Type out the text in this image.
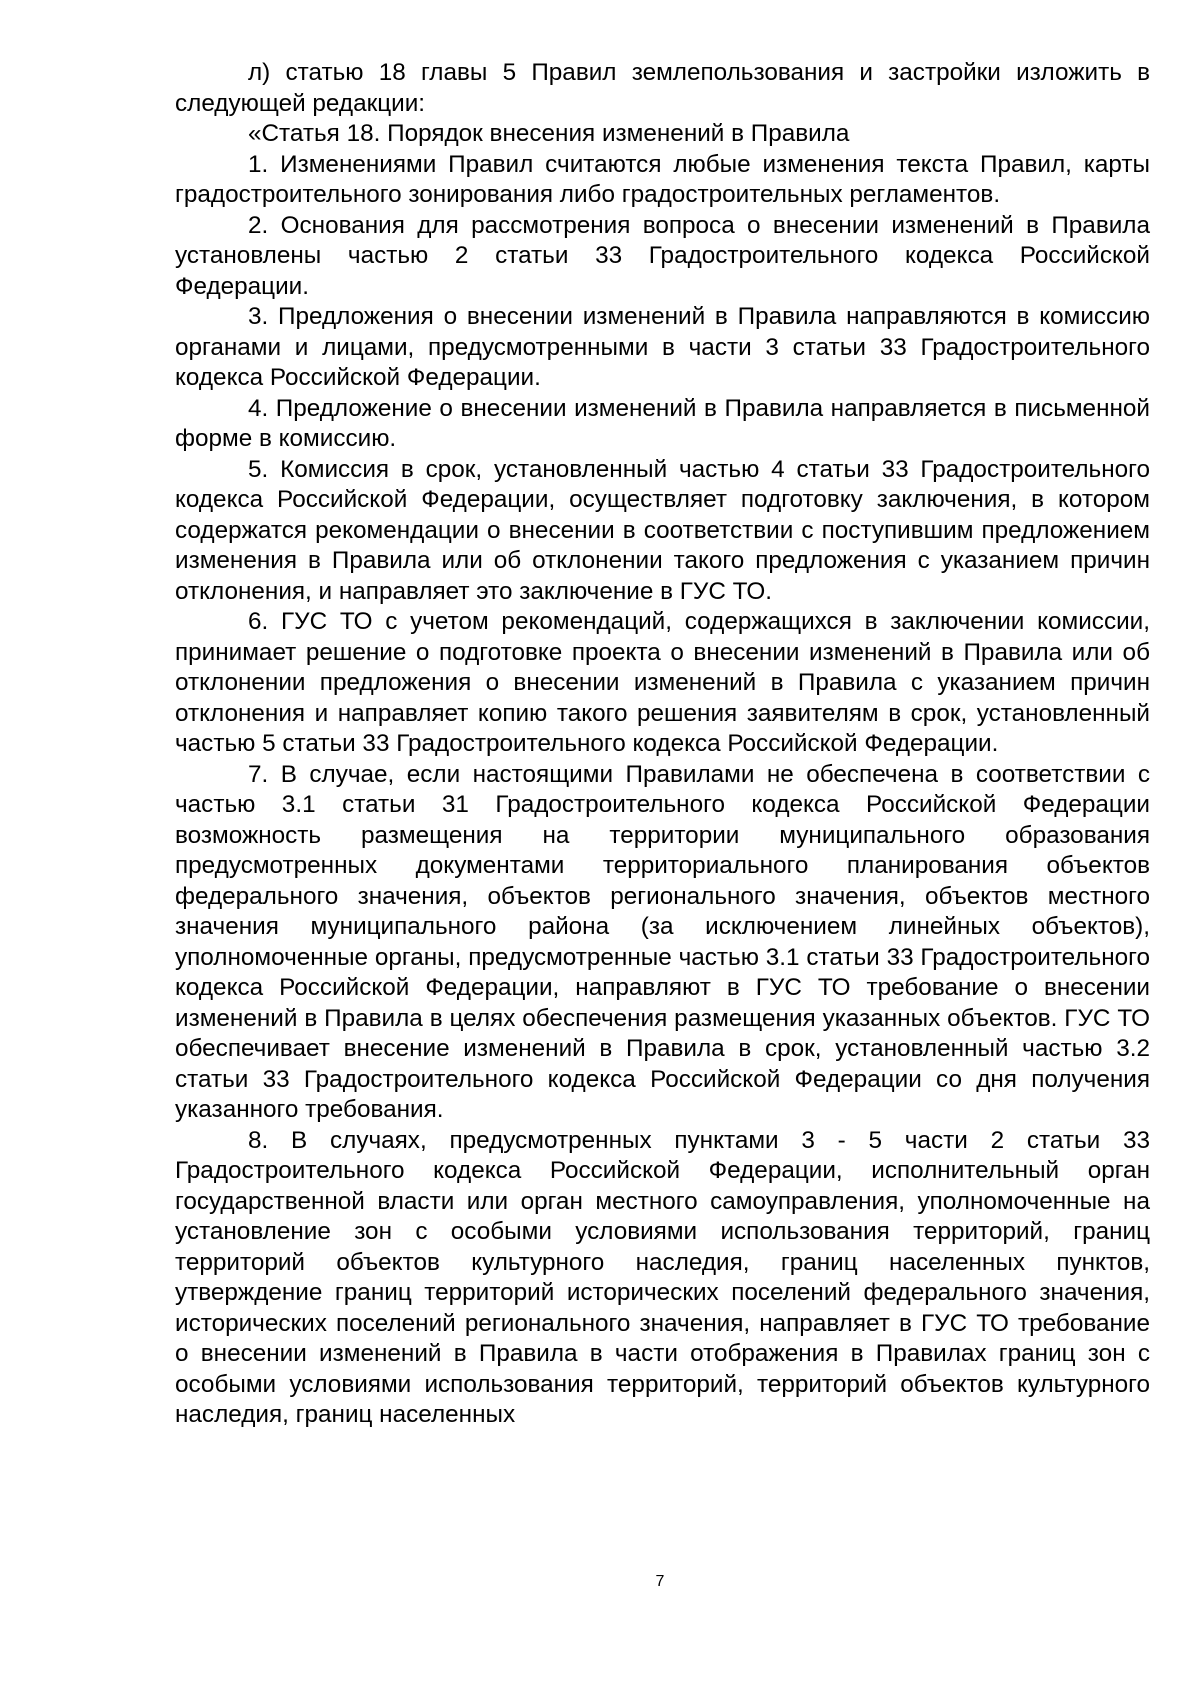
л) статью 18 главы 5 Правил землепользования и застройки изложить в следующей редакции:

«Статья 18. Порядок внесения изменений в Правила

1. Изменениями Правил считаются любые изменения текста Правил, карты градостроительного зонирования либо градостроительных регламентов.

2. Основания для рассмотрения вопроса о внесении изменений в Правила установлены частью 2 статьи 33 Градостроительного кодекса Российской Федерации.

3. Предложения о внесении изменений в Правила направляются в комиссию органами и лицами, предусмотренными в части 3 статьи 33 Градостроительного кодекса Российской Федерации.

4. Предложение о внесении изменений в Правила направляется в письменной форме в комиссию.

5. Комиссия в срок, установленный частью 4 статьи 33 Градостроительного кодекса Российской Федерации, осуществляет подготовку заключения, в котором содержатся рекомендации о внесении в соответствии с поступившим предложением изменения в Правила или об отклонении такого предложения с указанием причин отклонения, и направляет это заключение в ГУС ТО.

6. ГУС ТО с учетом рекомендаций, содержащихся в заключении комиссии, принимает решение о подготовке проекта о внесении изменений в Правила или об отклонении предложения о внесении изменений в Правила с указанием причин отклонения и направляет копию такого решения заявителям в срок, установленный частью 5 статьи 33 Градостроительного кодекса Российской Федерации.

7. В случае, если настоящими Правилами не обеспечена в соответствии с частью 3.1 статьи 31 Градостроительного кодекса Российской Федерации возможность размещения на территории муниципального образования предусмотренных документами территориального планирования объектов федерального значения, объектов регионального значения, объектов местного значения муниципального района (за исключением линейных объектов), уполномоченные органы, предусмотренные частью 3.1 статьи 33 Градостроительного кодекса Российской Федерации, направляют в ГУС ТО требование о внесении изменений в Правила в целях обеспечения размещения указанных объектов. ГУС ТО обеспечивает внесение изменений в Правила в срок, установленный частью 3.2 статьи 33 Градостроительного кодекса Российской Федерации со дня получения указанного требования.

8. В случаях, предусмотренных пунктами 3 - 5 части 2 статьи 33 Градостроительного кодекса Российской Федерации, исполнительный орган государственной власти или орган местного самоуправления, уполномоченные на установление зон с особыми условиями использования территорий, границ территорий объектов культурного наследия, границ населенных пунктов, утверждение границ территорий исторических поселений федерального значения, исторических поселений регионального значения, направляет в ГУС ТО требование о внесении изменений в Правила в части отображения в Правилах границ зон с особыми условиями использования территорий, территорий объектов культурного наследия, границ населенных

7
